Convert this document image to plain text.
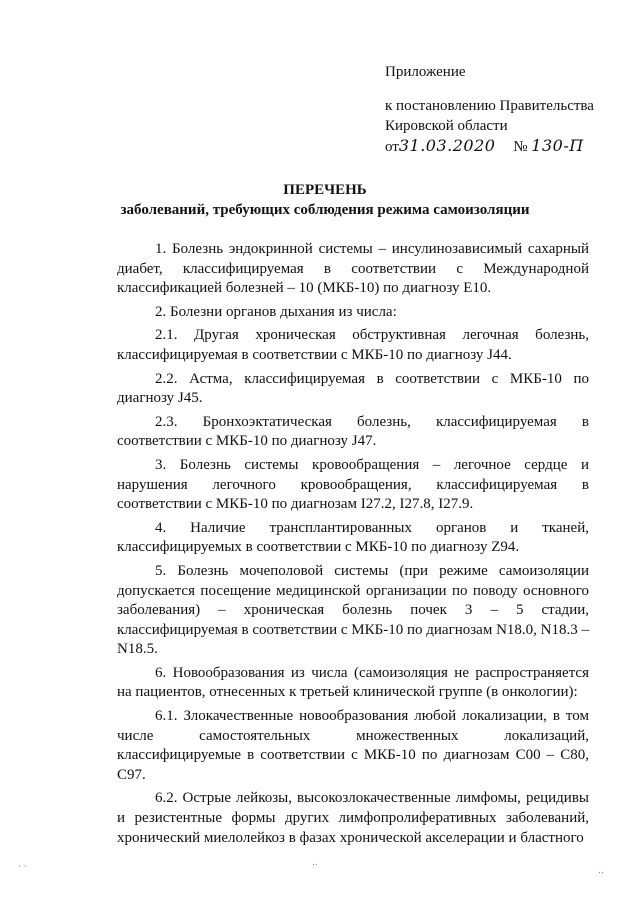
Приложение
к постановлению Правительства
Кировской области
от31.03.2020 № 130-П
ПЕРЕЧЕНЬ
заболеваний, требующих соблюдения режима самоизоляции

1. Болезнь эндокринной системы – инсулинозависимый сахарный диабет, классифицируемая в соответствии с Международной классификацией болезней – 10 (МКБ-10) по диагнозу E10.

2. Болезни органов дыхания из числа:

2.1. Другая хроническая обструктивная легочная болезнь, классифицируемая в соответствии с МКБ-10 по диагнозу J44.

2.2. Астма, классифицируемая в соответствии с МКБ-10 по диагнозу J45.

2.3. Бронхоэктатическая болезнь, классифицируемая в соответствии с МКБ-10 по диагнозу J47.

3. Болезнь системы кровообращения – легочное сердце и нарушения легочного кровообращения, классифицируемая в соответствии с МКБ-10 по диагнозам I27.2, I27.8, I27.9.

4. Наличие трансплантированных органов и тканей, классифицируемых в соответствии с МКБ-10 по диагнозу Z94.

5. Болезнь мочеполовой системы (при режиме самоизоляции допускается посещение медицинской организации по поводу основного заболевания) – хроническая болезнь почек 3 – 5 стадии, классифицируемая в соответствии с МКБ-10 по диагнозам N18.0, N18.3 – N18.5.

6. Новообразования из числа (самоизоляция не распространяется на пациентов, отнесенных к третьей клинической группе (в онкологии):

6.1. Злокачественные новообразования любой локализации, в том числе самостоятельных множественных локализаций, классифицируемые в соответствии с МКБ-10 по диагнозам C00 – C80, C97.

6.2. Острые лейкозы, высокозлокачественные лимфомы, рецидивы и резистентные формы других лимфопролиферативных заболеваний, хронический миелолейкоз в фазах хронической акселерации и бластного

· ·	‥
‥
